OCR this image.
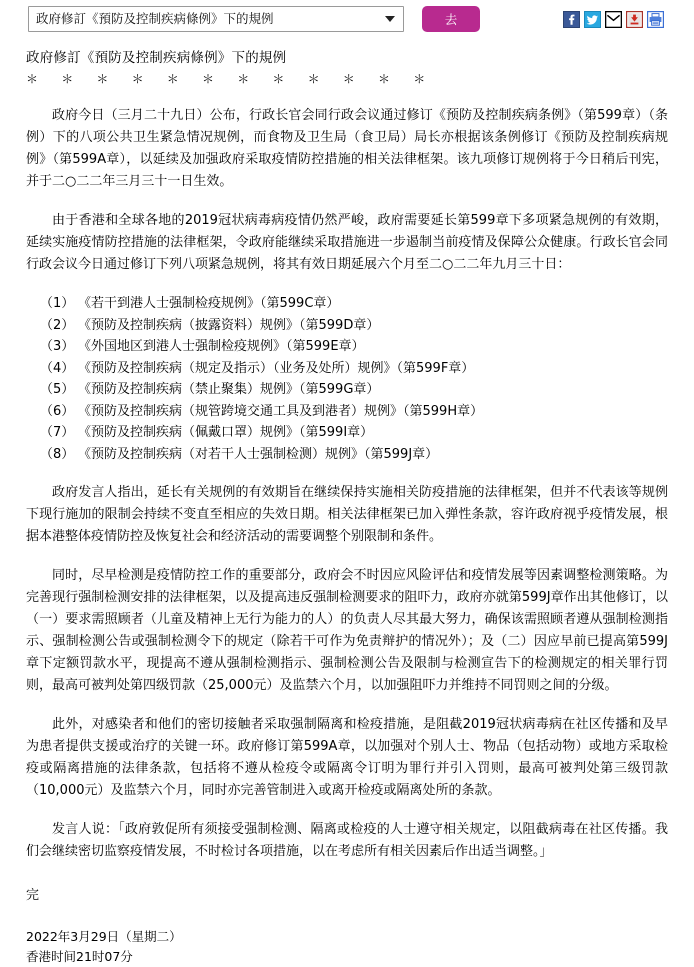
政府修訂《預防及控制疾病條例》下的規例	去
政府修訂《預防及控制疾病條例》下的規例
＊　＊　＊　＊　＊　＊　＊　＊　＊　＊　＊　＊

政府今日（三月二十九日）公布，行政长官会同行政会议通过修订《预防及控制疾病条例》（第599章）（条例）下的八项公共卫生紧急情况规例，而食物及卫生局（食卫局）局长亦根据该条例修订《预防及控制疾病规例》（第599A章），以延续及加强政府采取疫情防控措施的相关法律框架。该九项修订规例将于今日稍后刊宪，并于二○二二年三月三十一日生效。

由于香港和全球各地的2019冠状病毒病疫情仍然严峻，政府需要延长第599章下多项紧急规例的有效期，延续实施疫情防控措施的法律框架，令政府能继续采取措施进一步遏制当前疫情及保障公众健康。行政长官会同行政会议今日通过修订下列八项紧急规例，将其有效日期延展六个月至二○二二年九月三十日：

（1） 《若干到港人士强制检疫规例》（第599C章）
（2） 《预防及控制疾病（披露资料）规例》（第599D章）
（3） 《外国地区到港人士强制检疫规例》（第599E章）
（4） 《预防及控制疾病（规定及指示）（业务及处所）规例》（第599F章）
（5） 《预防及控制疾病（禁止聚集）规例》（第599G章）
（6） 《预防及控制疾病（规管跨境交通工具及到港者）规例》（第599H章）
（7） 《预防及控制疾病（佩戴口罩）规例》（第599I章）
（8） 《预防及控制疾病（对若干人士强制检测）规例》（第599J章）

政府发言人指出，延长有关规例的有效期旨在继续保持实施相关防疫措施的法律框架，但并不代表该等规例下现行施加的限制会持续不变直至相应的失效日期。相关法律框架已加入弹性条款，容许政府视乎疫情发展，根据本港整体疫情防控及恢复社会和经济活动的需要调整个别限制和条件。

同时，尽早检测是疫情防控工作的重要部分，政府会不时因应风险评估和疫情发展等因素调整检测策略。为完善现行强制检测安排的法律框架，以及提高违反强制检测要求的阻吓力，政府亦就第599J章作出其他修订，以（一）要求需照顾者（儿童及精神上无行为能力的人）的负责人尽其最大努力，确保该需照顾者遵从强制检测指示、强制检测公告或强制检测令下的规定（除若干可作为免责辩护的情况外）；及（二）因应早前已提高第599J章下定额罚款水平，现提高不遵从强制检测指示、强制检测公告及限制与检测宣告下的检测规定的相关罪行罚则，最高可被判处第四级罚款（25,000元）及监禁六个月，以加强阻吓力并维持不同罚则之间的分级。

此外，对感染者和他们的密切接触者采取强制隔离和检疫措施，是阻截2019冠状病毒病在社区传播和及早为患者提供支援或治疗的关键一环。政府修订第599A章，以加强对个别人士、物品（包括动物）或地方采取检疫或隔离措施的法律条款，包括将不遵从检疫令或隔离令订明为罪行并引入罚则，最高可被判处第三级罚款（10,000元）及监禁六个月，同时亦完善管制进入或离开检疫或隔离处所的条款。

发言人说：「政府敦促所有须接受强制检测、隔离或检疫的人士遵守相关规定，以阻截病毒在社区传播。我们会继续密切监察疫情发展，不时检讨各项措施，以在考虑所有相关因素后作出适当调整。」

完
2022年3月29日（星期二）
香港时间21时07分
